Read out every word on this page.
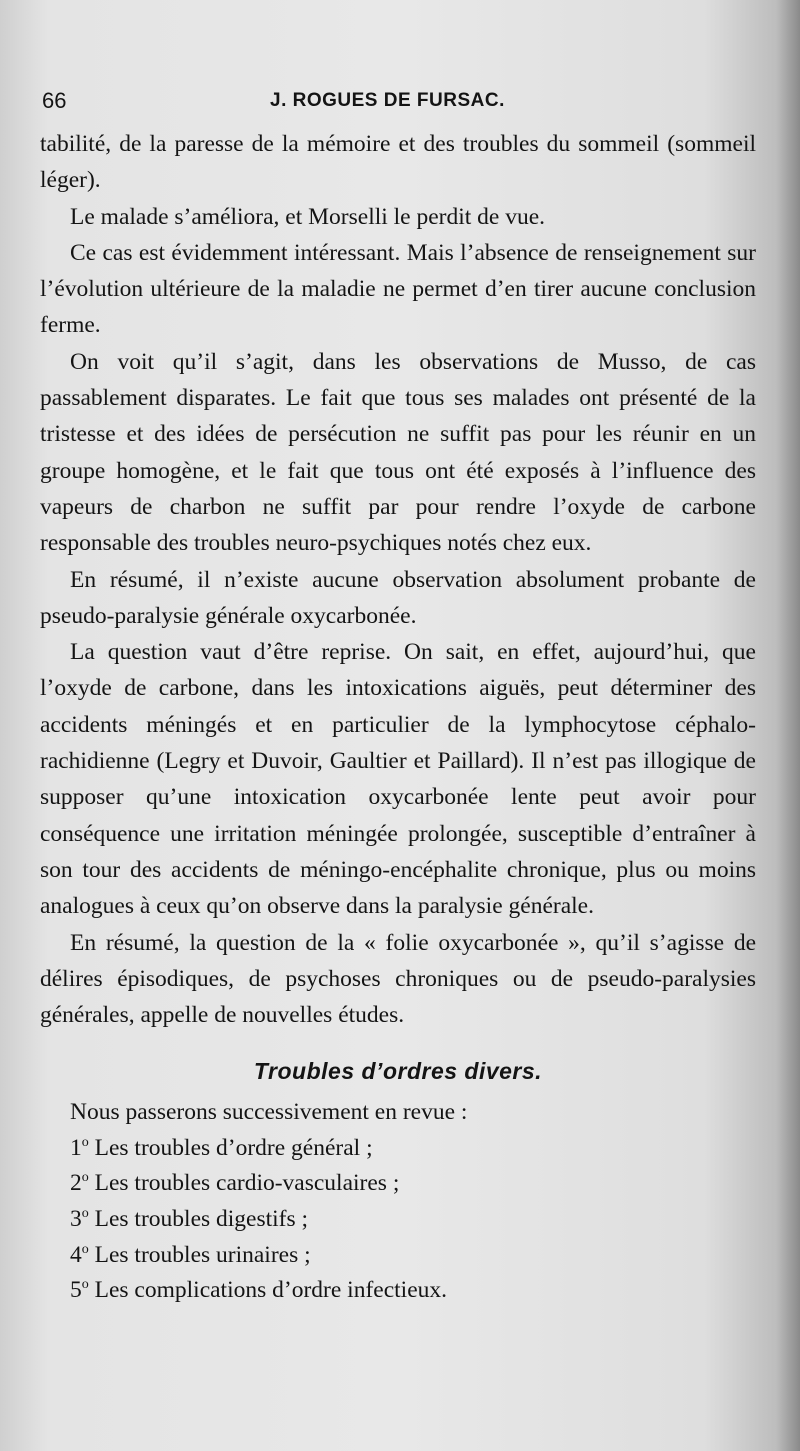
66	J. ROGUES DE FURSAC.

tabilité, de la paresse de la mémoire et des troubles du sommeil (sommeil léger).

Le malade s’améliora, et Morselli le perdit de vue.

Ce cas est évidemment intéressant. Mais l’absence de renseignement sur l’évolution ultérieure de la maladie ne permet d’en tirer aucune conclusion ferme.

On voit qu’il s’agit, dans les observations de Musso, de cas passablement disparates. Le fait que tous ses malades ont présenté de la tristesse et des idées de persécution ne suffit pas pour les réunir en un groupe homogène, et le fait que tous ont été exposés à l’influence des vapeurs de charbon ne suffit par pour rendre l’oxyde de carbone responsable des troubles neuro-psychiques notés chez eux.

En résumé, il n’existe aucune observation absolument probante de pseudo-paralysie générale oxycarbonée.

La question vaut d’être reprise. On sait, en effet, aujourd’hui, que l’oxyde de carbone, dans les intoxications aiguës, peut déterminer des accidents méningés et en particulier de la lymphocytose céphalo-rachidienne (Legry et Duvoir, Gaultier et Paillard). Il n’est pas illogique de supposer qu’une intoxication oxycarbonée lente peut avoir pour conséquence une irritation méningée prolongée, susceptible d’entraîner à son tour des accidents de méningo-encéphalite chronique, plus ou moins analogues à ceux qu’on observe dans la paralysie générale.

En résumé, la question de la « folie oxycarbonée », qu’il s’agisse de délires épisodiques, de psychoses chroniques ou de pseudo-paralysies générales, appelle de nouvelles études.

Troubles d’ordres divers.

Nous passerons successivement en revue :

1$^o$ Les troubles d’ordre général ;
2$^o$ Les troubles cardio-vasculaires ;
3$^o$ Les troubles digestifs ;
4$^o$ Les troubles urinaires ;
5$^o$ Les complications d’ordre infectieux.
